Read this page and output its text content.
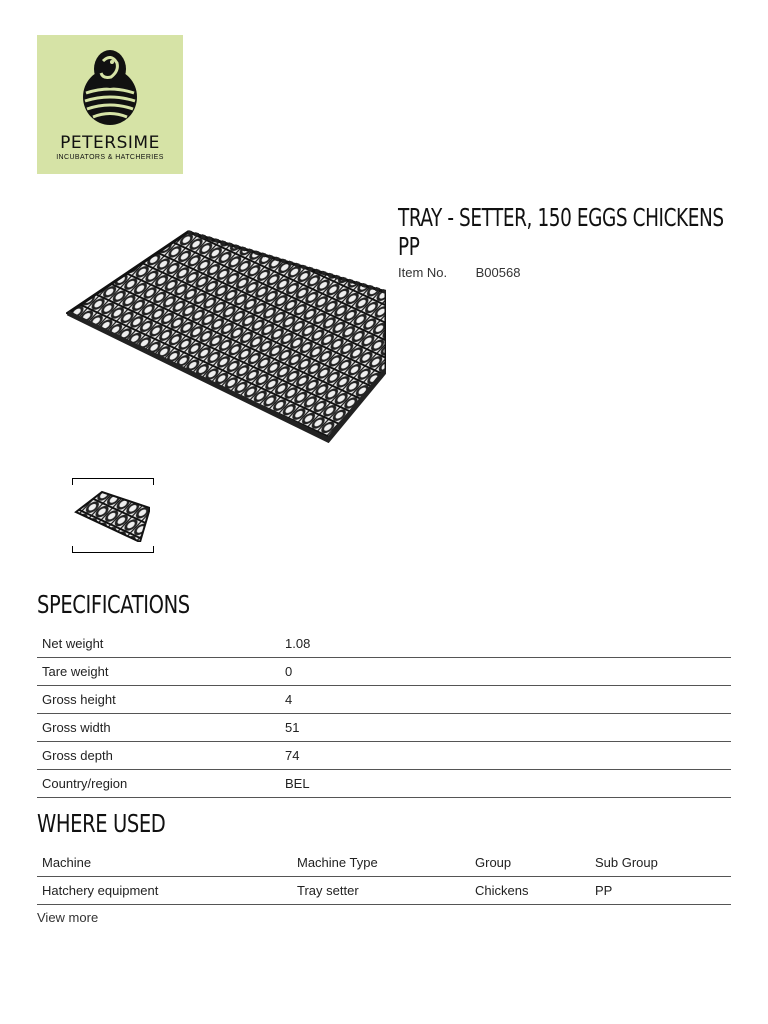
PETERSIME
INCUBATORS & HATCHERIES
TRAY - SETTER, 150 EGGS CHICKENS PP
Item No. B00568
SPECIFICATIONS
Net weight	1.08
Tare weight	0
Gross height	4
Gross width	51
Gross depth	74
Country/region	BEL
WHERE USED
Machine	Machine Type	Group	Sub Group
Hatchery equipment	Tray setter	Chickens	PP
View more
